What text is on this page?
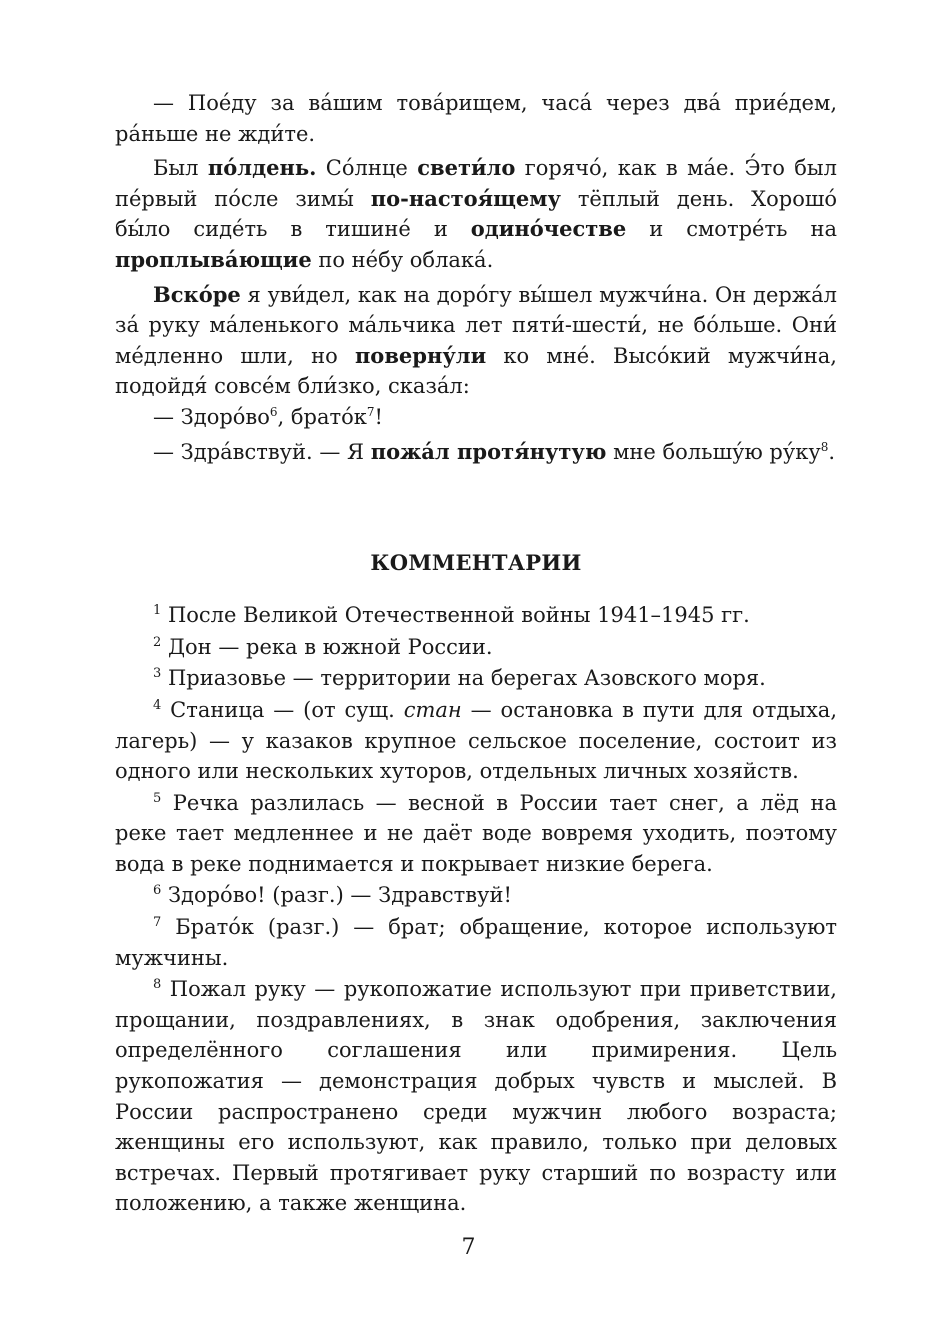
— Пое́ду за ва́шим това́рищем, часа́ через два́ прие́дем, ра́ньше не жди́те.

Был по́лдень. Со́лнце свети́ло горячо́, как в ма́е. Э́то был пе́рвый по́сле зимы́ по-настоя́щему тёплый день. Хорошо́ бы́ло сиде́ть в тишине́ и одино́честве и смотре́ть на проплыва́ющие по не́бу облака́.

Вско́ре я уви́дел, как на доро́гу вы́шел мужчи́на. Он держа́л за́ руку ма́ленького ма́льчика лет пяти́-шести́, не бо́льше. Они́ ме́дленно шли, но поверну́ли ко мне́. Высо́кий мужчи́на, подойдя́ совсе́м бли́зко, сказа́л:

— $Здоро́во^6$, $брато́к^7$!

— Здра́вствуй. — Я пожа́л протя́нутую мне большу́ю $ру́ку^8$.

КОММЕНТАРИИ

$^1$ После Великой Отечественной войны 1941–1945 гг.

$^2$ Дон — река в южной России.

$^3$ Приазовье — территории на берегах Азовского моря.

$^4$ Станица — (от сущ. стан — остановка в пути для отдыха, лагерь) — у казаков крупное сельское поселение, состоит из одного или нескольких хуторов, отдельных личных хозяйств.

$^5$ Речка разлилась — весной в России тает снег, а лёд на реке тает медленнее и не даёт воде вовремя уходить, поэтому вода в реке поднимается и покрывает низкие берега.

$^6$ Здоро́во! (разг.) — Здравствуй!

$^7$ Брато́к (разг.) — брат; обращение, которое используют мужчины.

$^8$ Пожал руку — рукопожатие используют при приветствии, прощании, поздравлениях, в знак одобрения, заключения определённого соглашения или примирения. Цель рукопожатия — демонстрация добрых чувств и мыслей. В России распространено среди мужчин любого возраста; женщины его используют, как правило, только при деловых встречах. Первый протягивает руку старший по возрасту или положению, а также женщина.

7
